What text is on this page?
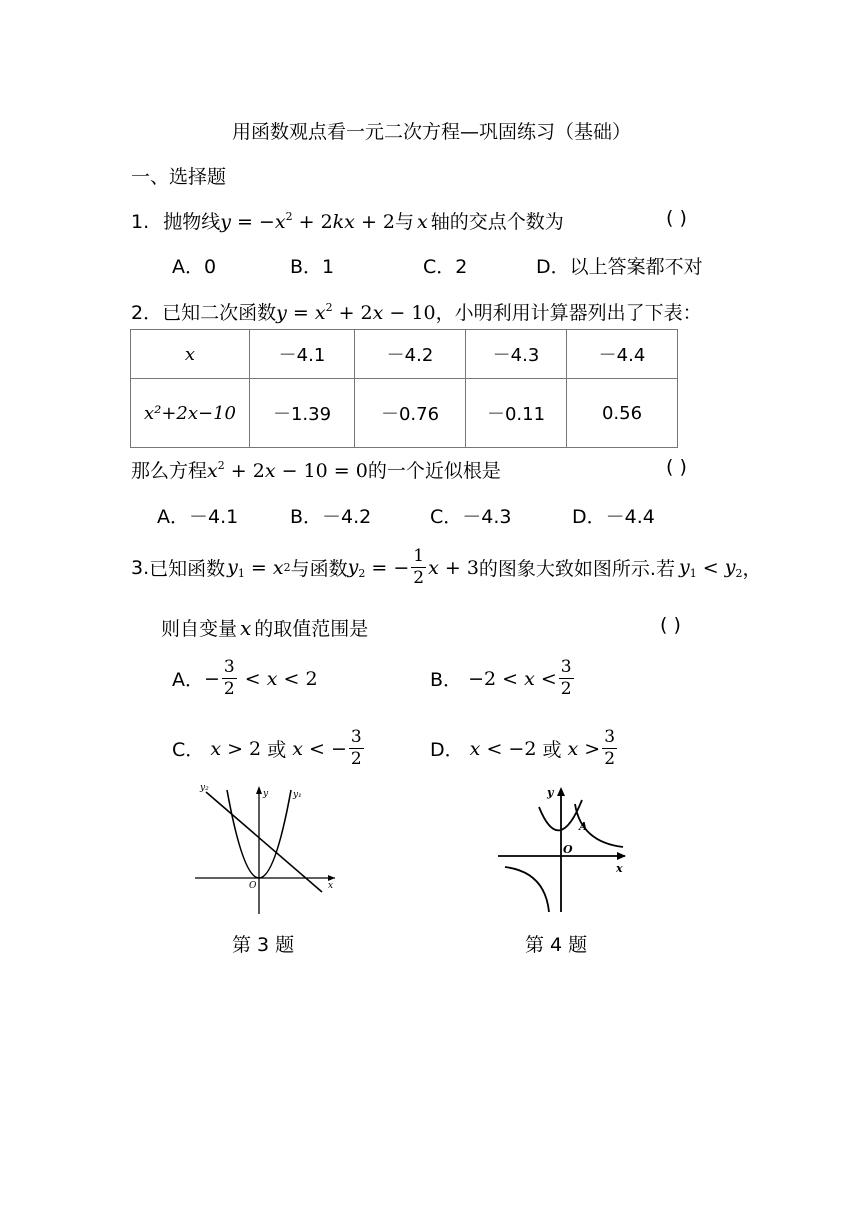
用函数观点看一元二次方程—巩固练习（基础）
一、选择题
1. 抛物线$y = -x^2 + 2kx + 2$与 x 轴的交点个数为	( )
A．0	B．1	C．2	D．以上答案都不对
2．已知二次函数$y = x^2 + 2x - 10$，小明利用计算器列出了下表：
x	－4.1	－4.2	－4.3	－4.4
x²+2x−10	－1.39	－0.76	－0.11	0.56
那么方程$x^2 + 2x - 10 = 0$的一个近似根是	( )
A．－4.1	B．－4.2	C．－4.3	D．－4.4
3. 已知函数 $y_1 = x$ 2 与函数 $y_2$ = − $\frac{1}{2}$ x + 3 的图象大致如图所示.若 $y_1 < y_2$ ，
则自变量 x 的取值范围是	( )
A． − $\frac{3}{2} < x < 2$	B． $-2 < x < \frac{3}{2}$
C． x > 2 或 x < − $\frac{3}{2}$	D． x < −2 或 $x > \frac{3}{2}$
y₂
y	y₁
O	x
第 3 题
y
A
O
x
第 4 题
